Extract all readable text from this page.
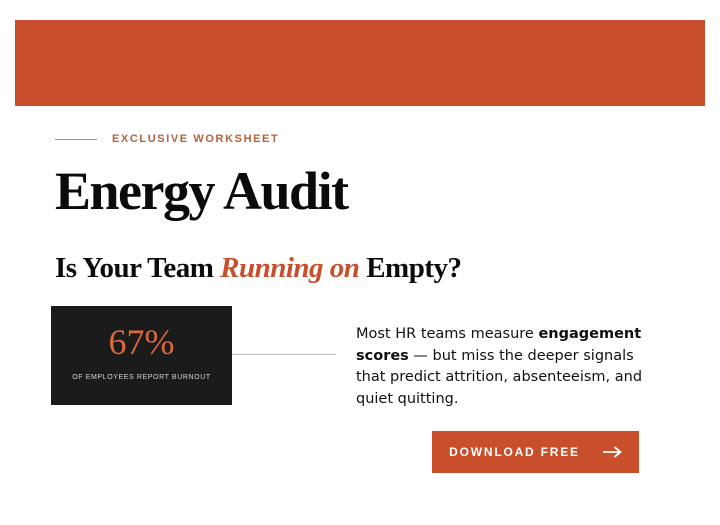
EXCLUSIVE WORKSHEET
Energy Audit
Is Your Team Running on Empty?
67%
OF EMPLOYEES REPORT BURNOUT

Most HR teams measure engagement scores — but miss the deeper signals that predict attrition, absenteeism, and quiet quitting.

DOWNLOAD FREE
